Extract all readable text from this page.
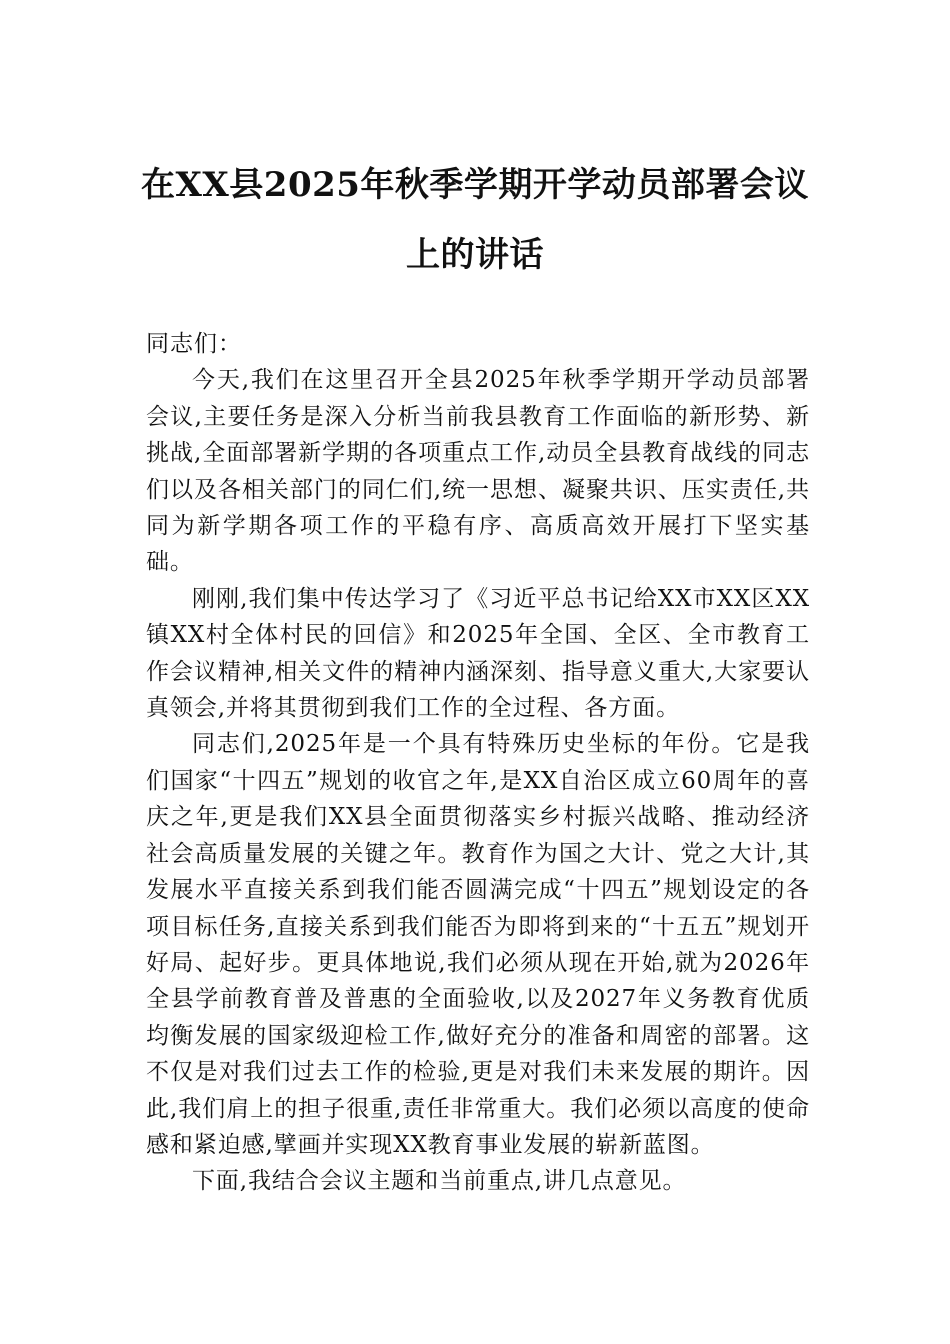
在XX县2025年秋季学期开学动员部署会议上的讲话

同志们：

今天,我们在这里召开全县2025年秋季学期开学动员部署会议,主要任务是深入分析当前我县教育工作面临的新形势、新挑战,全面部署新学期的各项重点工作,动员全县教育战线的同志们以及各相关部门的同仁们,统一思想、凝聚共识、压实责任,共同为新学期各项工作的平稳有序、高质高效开展打下坚实基础。

刚刚,我们集中传达学习了《习近平总书记给XX市XX区XX镇XX村全体村民的回信》和2025年全国、全区、全市教育工作会议精神,相关文件的精神内涵深刻、指导意义重大,大家要认真领会,并将其贯彻到我们工作的全过程、各方面。

同志们,2025年是一个具有特殊历史坐标的年份。它是我们国家“十四五”规划的收官之年,是XX自治区成立60周年的喜庆之年,更是我们XX县全面贯彻落实乡村振兴战略、推动经济社会高质量发展的关键之年。教育作为国之大计、党之大计,其发展水平直接关系到我们能否圆满完成“十四五”规划设定的各项目标任务,直接关系到我们能否为即将到来的“十五五”规划开好局、起好步。更具体地说,我们必须从现在开始,就为2026年全县学前教育普及普惠的全面验收,以及2027年义务教育优质均衡发展的国家级迎检工作,做好充分的准备和周密的部署。这不仅是对我们过去工作的检验,更是对我们未来发展的期许。因此,我们肩上的担子很重,责任非常重大。我们必须以高度的使命感和紧迫感,擘画并实现XX教育事业发展的崭新蓝图。

下面,我结合会议主题和当前重点,讲几点意见。
